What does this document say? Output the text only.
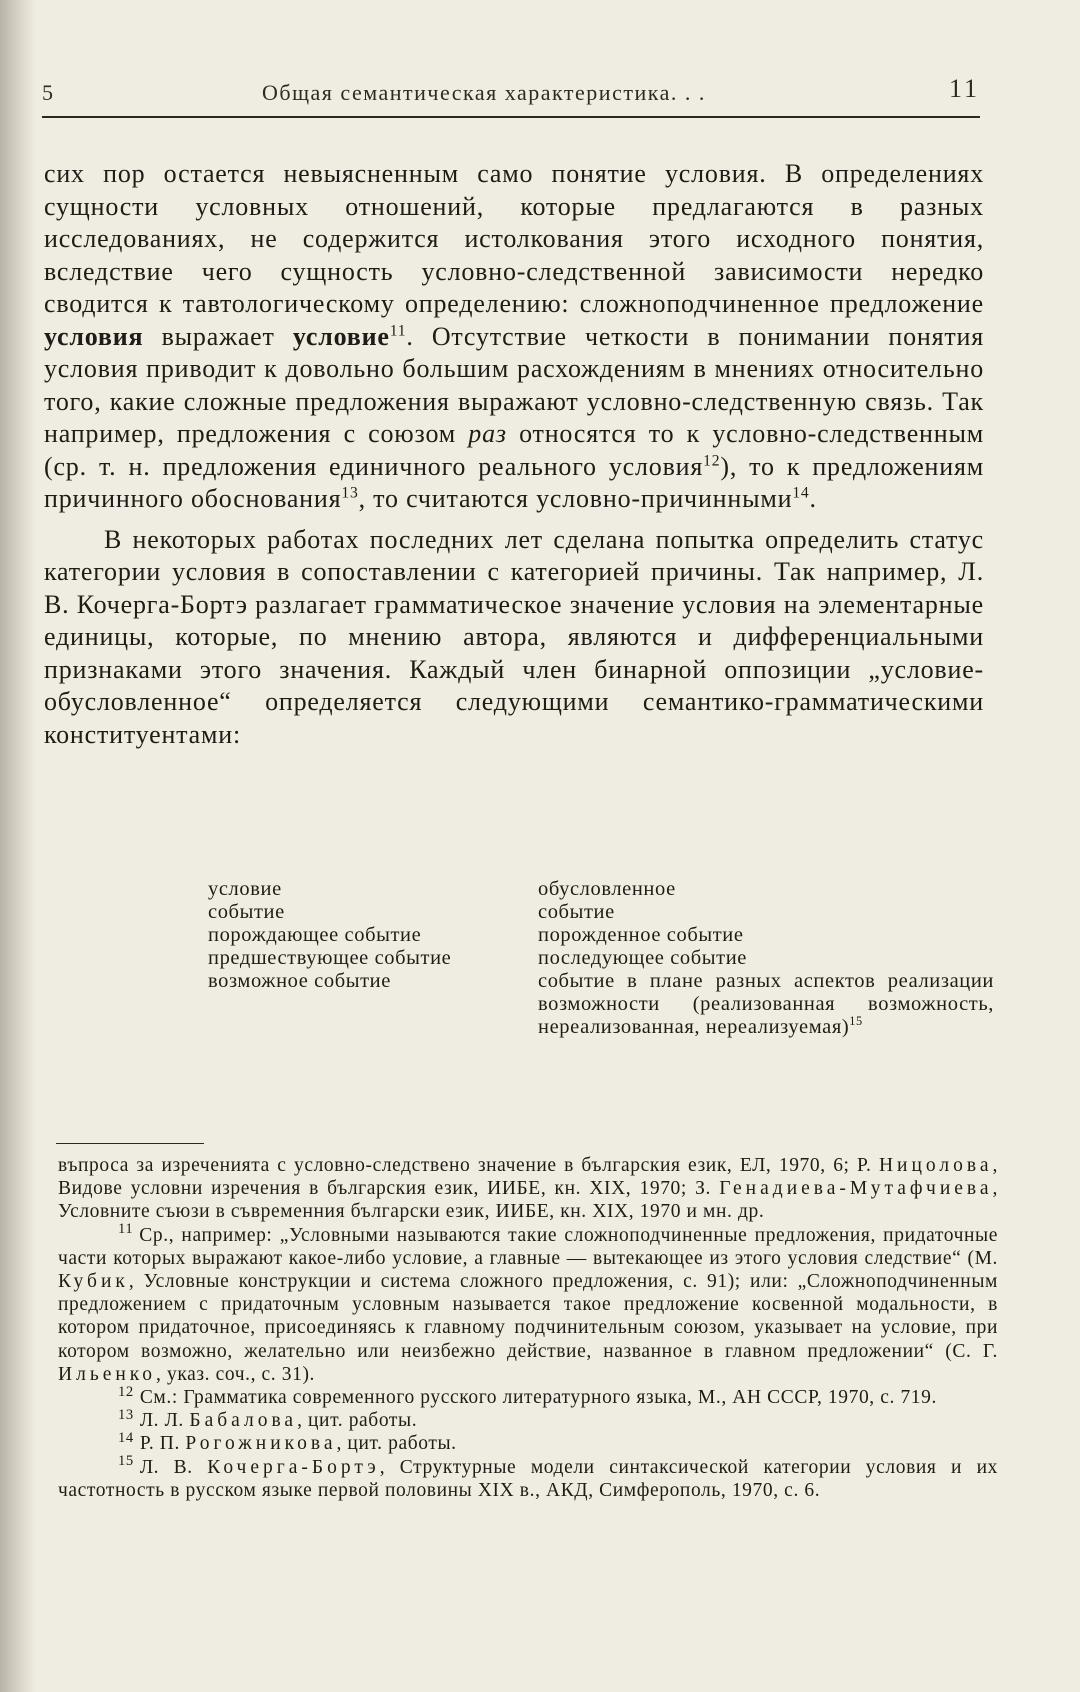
5	Общая семантическая характеристика. . .	11

сих пор остается невыясненным само понятие условия. В определениях сущности условных отношений, которые предлагаются в разных исследованиях, не содержится истолкования этого исходного понятия, вследствие чего сущность условно-следственной зависимости нередко сводится к тавтологическому определению: сложноподчиненное предложение условия выражает условие$^{11}$. Отсутствие четкости в понимании понятия условия приводит к довольно большим расхождениям в мнениях относительно того, какие сложные предложения выражают условно-следственную связь. Так например, предложения с союзом раз относятся то к условно-следственным (ср. т. н. предложения единичного реального условия$^{12}$), то к предложениям причинного обоснования$^{13}$, то считаются условно-причинными$^{14}$.

В некоторых работах последних лет сделана попытка определить статус категории условия в сопоставлении с категорией причины. Так например, Л. В. Кочерга-Бортэ разлагает грамматическое значение условия на элементарные единицы, которые, по мнению автора, являются и дифференциальными признаками этого значения. Каждый член бинарной оппозиции „условие-обусловленное“ определяется следующими семантико-грамматическими конституентами:

условие
событие
порождающее событие
предшествующее событие
возможное событие
обусловленное
событие
порожденное событие
последующее событие
событие в плане разных аспектов реализации возможности (реализованная возможность, нереализованная, нереализуемая)$^{15}$

въпроса за изреченията с условно-следствено значение в българския език, ЕЛ, 1970, 6; Р. Ницолова, Видове условни изречения в българския език, ИИБЕ, кн. XIX, 1970; З. Генадиева-Мутафчиева, Условните съюзи в съвременния български език, ИИБЕ, кн. XIX, 1970 и мн. др.

$^{11}$ Ср., например: „Условными называются такие сложноподчиненные предложения, придаточные части которых выражают какое-либо условие, а главные — вытекающее из этого условия следствие“ (М. Кубик, Условные конструкции и система сложного предложения, с. 91); или: „Сложноподчиненным предложением с придаточным условным называется такое предложение косвенной модальности, в котором придаточное, присоединяясь к главному подчинительным союзом, указывает на условие, при котором возможно, желательно или неизбежно действие, названное в главном предложении“ (С. Г. Ильенко, указ. соч., с. 31).

$^{12}$ См.: Грамматика современного русского литературного языка, М., АН СССР, 1970, с. 719.

$^{13}$ Л. Л. Бабалова, цит. работы.

$^{14}$ Р. П. Рогожникова, цит. работы.

$^{15}$ Л. В. Кочерга-Бортэ, Структурные модели синтаксической категории условия и их частотность в русском языке первой половины XIX в., АКД, Симферополь, 1970, с. 6.
